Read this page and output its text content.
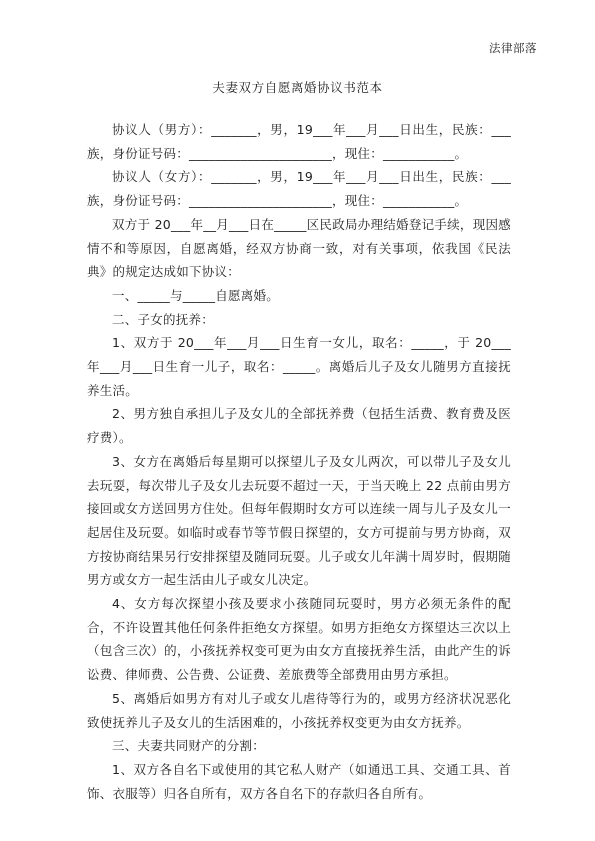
法律部落
夫妻双方自愿离婚协议书范本

协议人（男方）：_______，男，19___年___月___日出生，民族：___族，身份证号码：______________________，现住：___________。

协议人（女方）：_______，男，19___年___月___日出生，民族：___族，身份证号码：______________________，现住：___________。

双方于 20___年__月___日在_____区民政局办理结婚登记手续，现因感情不和等原因，自愿离婚，经双方协商一致，对有关事项，依我国《民法典》的规定达成如下协议：

一、_____与_____自愿离婚。

二、子女的抚养：

1、双方于 20___年___月___日生育一女儿，取名：_____，于 20___年___月___日生育一儿子，取名：_____。离婚后儿子及女儿随男方直接抚养生活。

2、男方独自承担儿子及女儿的全部抚养费（包括生活费、教育费及医疗费）。

3、女方在离婚后每星期可以探望儿子及女儿两次，可以带儿子及女儿去玩耍，每次带儿子及女儿去玩耍不超过一天，于当天晚上 22 点前由男方接回或女方送回男方住处。但每年假期时女方可以连续一周与儿子及女儿一起居住及玩耍。如临时或春节等节假日探望的，女方可提前与男方协商，双方按协商结果另行安排探望及随同玩耍。儿子或女儿年满十周岁时，假期随男方或女方一起生活由儿子或女儿决定。

4、女方每次探望小孩及要求小孩随同玩耍时，男方必须无条件的配合，不许设置其他任何条件拒绝女方探望。如男方拒绝女方探望达三次以上（包含三次）的，小孩抚养权变可更为由女方直接抚养生活，由此产生的诉讼费、律师费、公告费、公证费、差旅费等全部费用由男方承担。

5、离婚后如男方有对儿子或女儿虐待等行为的，或男方经济状况恶化致使抚养儿子及女儿的生活困难的，小孩抚养权变更为由女方抚养。

三、夫妻共同财产的分割：

1、双方各自名下或使用的其它私人财产（如通迅工具、交通工具、首饰、衣服等）归各自所有，双方各自名下的存款归各自所有。
